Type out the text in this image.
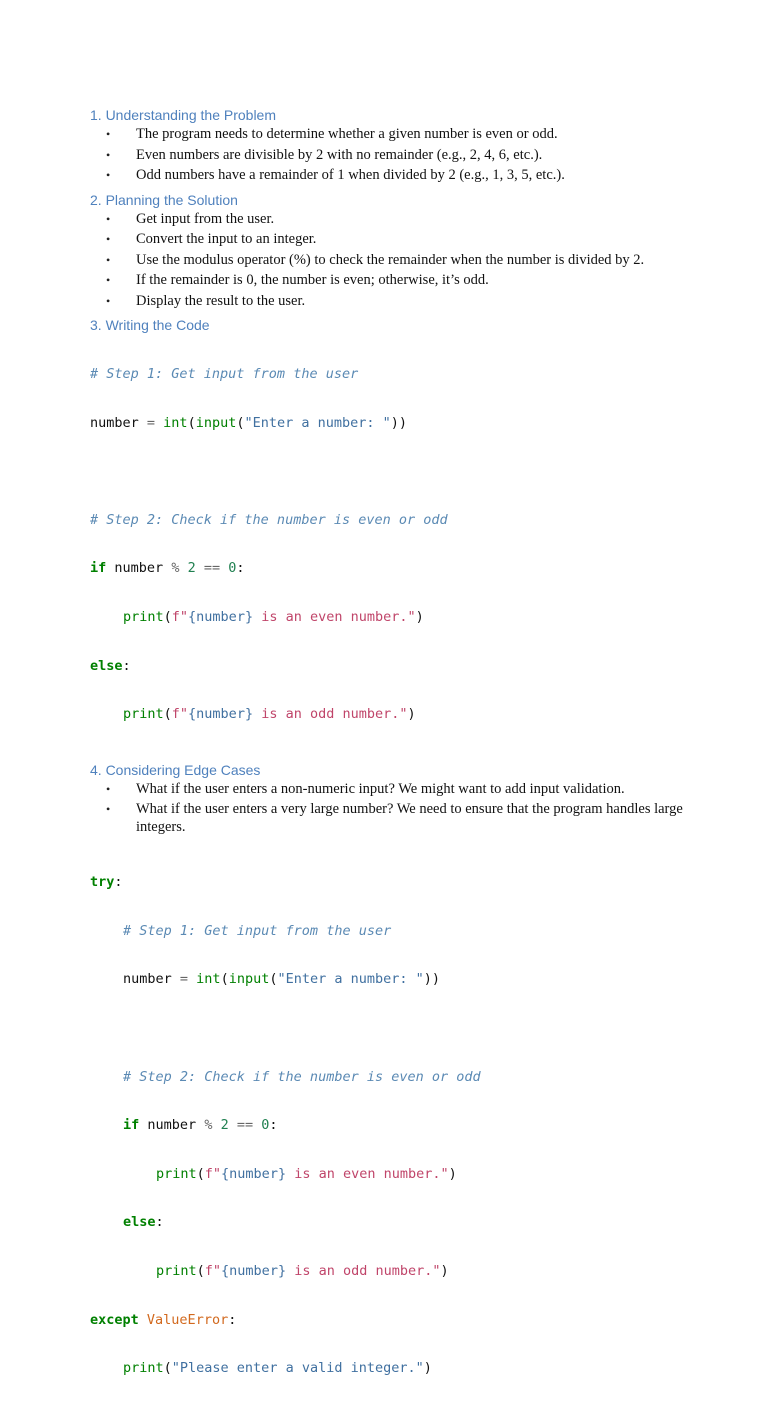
1. Understanding the Problem
• The program needs to determine whether a given number is even or odd.
• Even numbers are divisible by 2 with no remainder (e.g., 2, 4, 6, etc.).
• Odd numbers have a remainder of 1 when divided by 2 (e.g., 1, 3, 5, etc.).
2. Planning the Solution
• Get input from the user.
• Convert the input to an integer.
• Use the modulus operator (%) to check the remainder when the number is divided by 2.
• If the remainder is 0, the number is even; otherwise, it’s odd.
• Display the result to the user.
3. Writing the Code

# Step 1: Get input from the user

number = int(input("Enter a number: "))

# Step 2: Check if the number is even or odd

if number % 2 == 0:

print(f"{number} is an even number.")

else:

print(f"{number} is an odd number.")

4. Considering Edge Cases
• What if the user enters a non-numeric input? We might want to add input validation.
• What if the user enters a very large number? We need to ensure that the program handles large integers.

try:

# Step 1: Get input from the user

number = int(input("Enter a number: "))

# Step 2: Check if the number is even or odd

if number % 2 == 0:

print(f"{number} is an even number.")

else:

print(f"{number} is an odd number.")

except ValueError:

print("Please enter a valid integer.")
